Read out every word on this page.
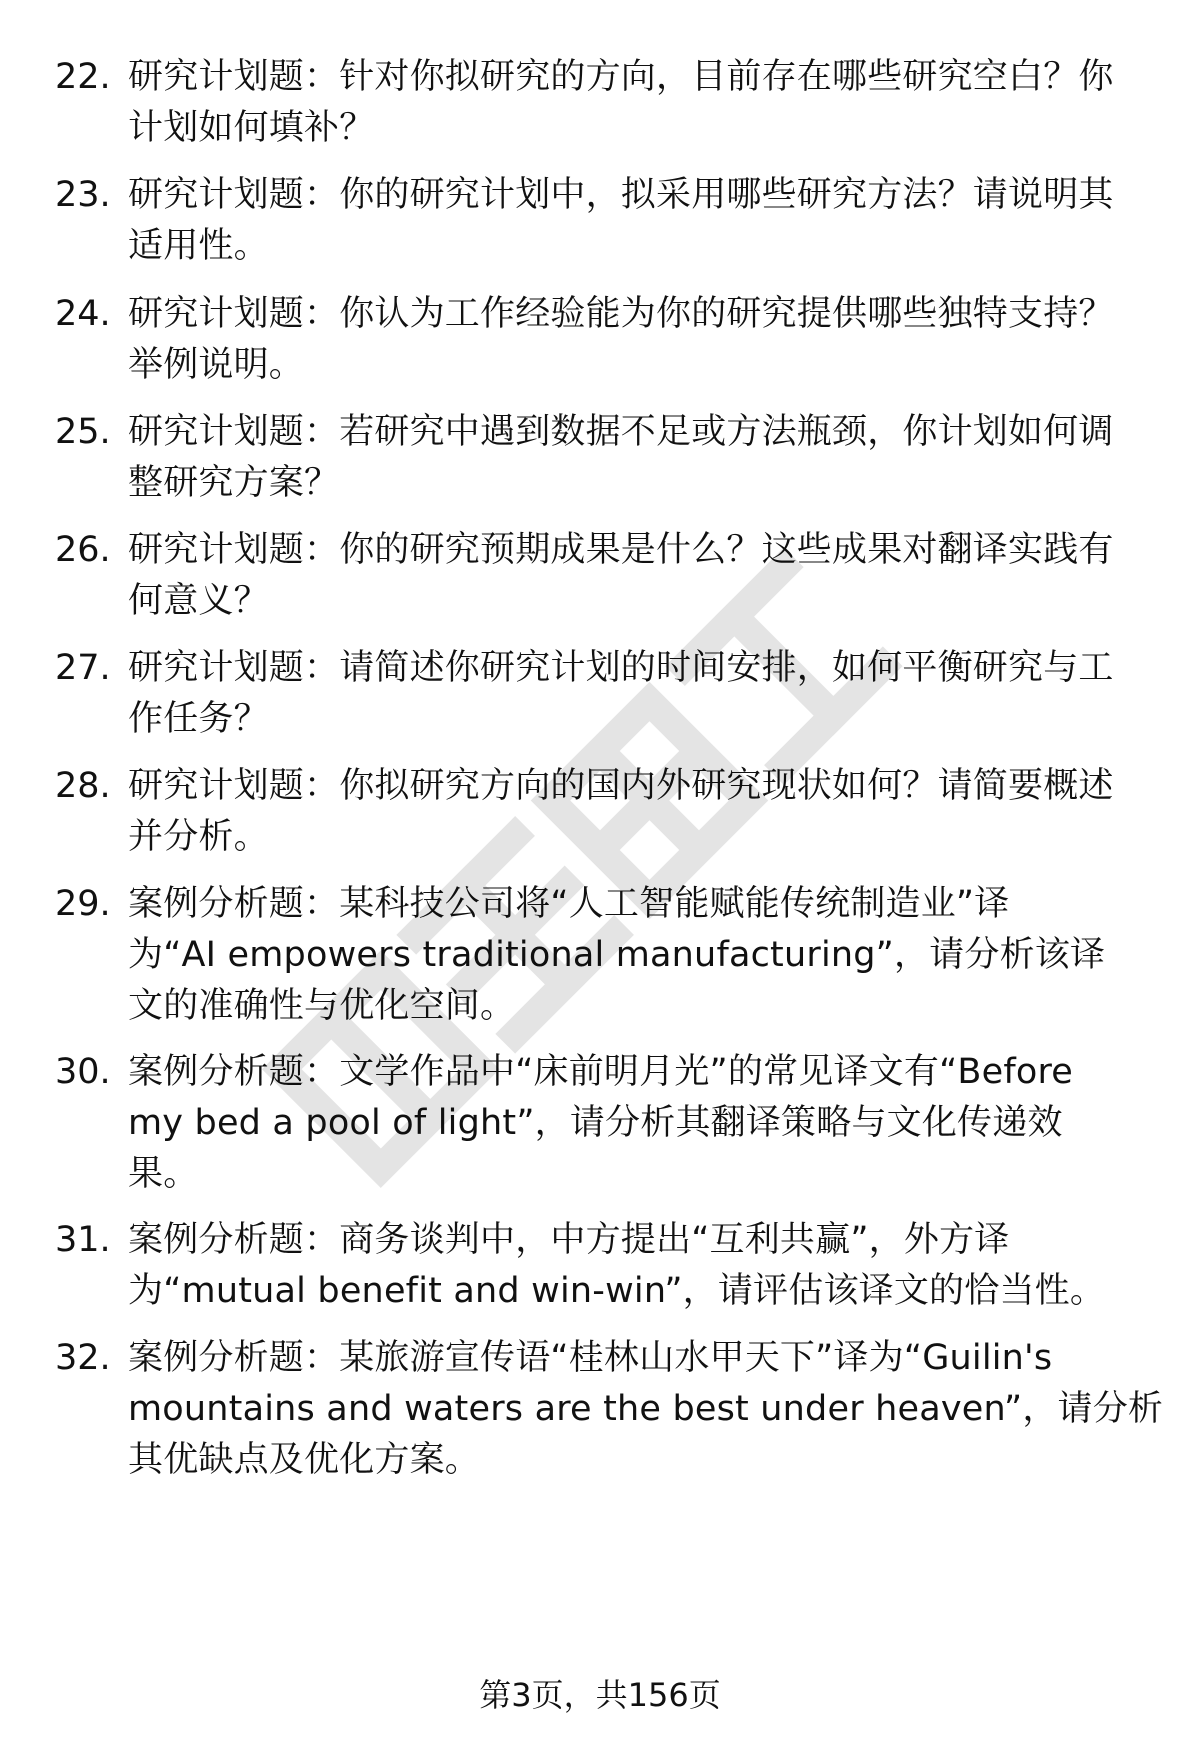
22. 研究计划题：针对你拟研究的方向，目前存在哪些研究空白？你
计划如何填补？
23. 研究计划题：你的研究计划中，拟采用哪些研究方法？请说明其
适用性。
24. 研究计划题：你认为工作经验能为你的研究提供哪些独特支持？
举例说明。
25. 研究计划题：若研究中遇到数据不足或方法瓶颈，你计划如何调
整研究方案？
26. 研究计划题：你的研究预期成果是什么？这些成果对翻译实践有
何意义？
27. 研究计划题：请简述你研究计划的时间安排，如何平衡研究与工
作任务？
28. 研究计划题：你拟研究方向的国内外研究现状如何？请简要概述
并分析。
29. 案例分析题：某科技公司将“人工智能赋能传统制造业”译
为“AI empowers traditional manufacturing”，请分析该译
文的准确性与优化空间。
30. 案例分析题：文学作品中“床前明月光”的常见译文有“Before
my bed a pool of light”，请分析其翻译策略与文化传递效
果。
31. 案例分析题：商务谈判中，中方提出“互利共赢”，外方译
为“mutual benefit and win-win”，请评估该译文的恰当性。
32. 案例分析题：某旅游宣传语“桂林山水甲天下”译为“Guilin's
mountains and waters are the best under heaven”，请分析
其优缺点及优化方案。
第3页，共156页
